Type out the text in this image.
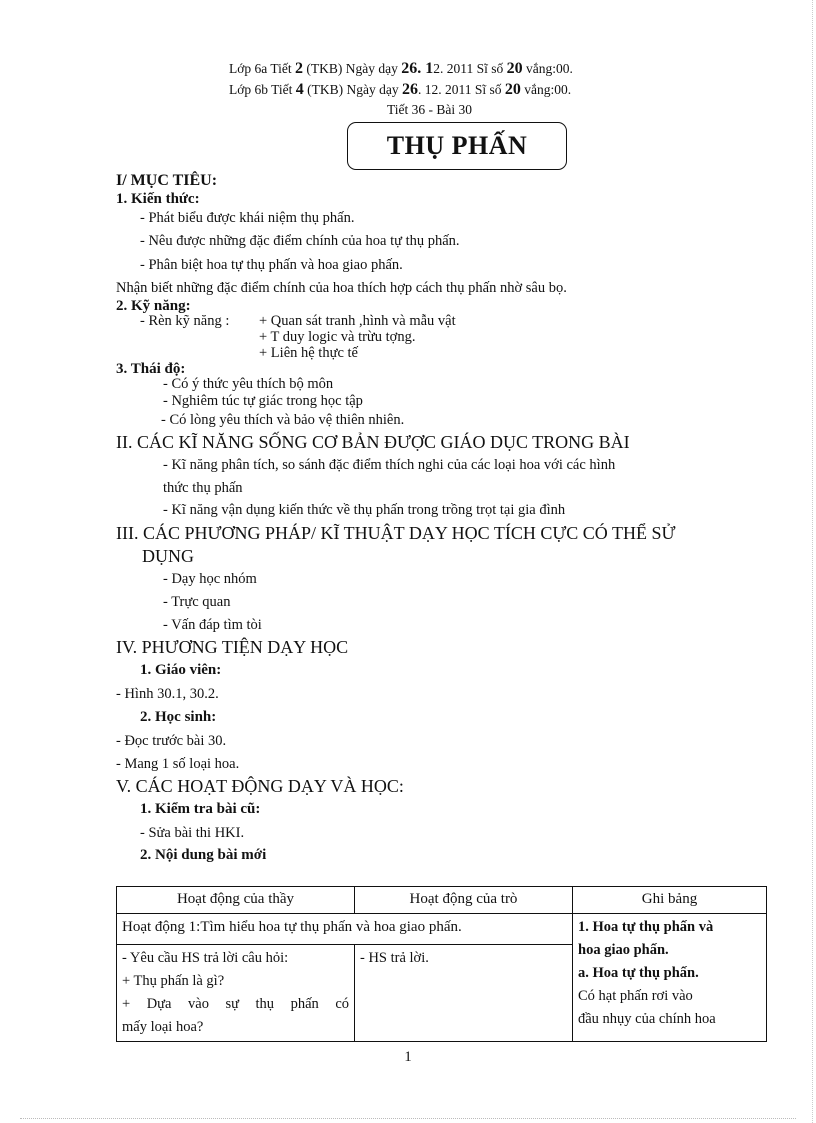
Lớp 6a Tiết 2 (TKB) Ngày dạy 26. 12. 2011 Sĩ số 20 vắng:00.
Lớp 6b Tiết 4 (TKB) Ngày dạy 26. 12. 2011 Sĩ số 20 vắng:00.
Tiết 36 - Bài 30
THỤ PHẤN
I/ MỤC TIÊU:
1. Kiến thức:
- Phát biểu được khái niệm thụ phấn.
- Nêu được những đặc điểm chính của hoa tự thụ phấn.
- Phân biệt hoa tự thụ phấn và hoa giao phấn.
Nhận biết những đặc điểm chính của hoa thích hợp cách thụ phấn nhờ sâu bọ.
2. Kỹ năng:
- Rèn kỹ năng : + Quan sát tranh ,hình và mẫu vật
+ T duy logic và trừu tợng.
+ Liên hệ thực tế
3. Thái độ:
- Có ý thức yêu thích bộ môn
- Nghiêm túc tự giác trong học tập
- Có lòng yêu thích và bảo vệ thiên nhiên.
II. CÁC KĨ NĂNG SỐNG CƠ BẢN ĐƯỢC GIÁO DỤC TRONG BÀI
- Kĩ năng phân tích, so sánh đặc điểm thích nghi của các loại hoa với các hình
thức thụ phấn
- Kĩ năng vận dụng kiến thức về thụ phấn trong trồng trọt tại gia đình
III. CÁC PHƯƠNG PHÁP/ KĨ THUẬT DẠY HỌC TÍCH CỰC CÓ THỂ SỬ
DỤNG
- Dạy học nhóm
- Trực quan
- Vấn đáp tìm tòi
IV. PHƯƠNG TIỆN DẠY HỌC
1. Giáo viên:
- Hình 30.1, 30.2.
2. Học sinh:
- Đọc trước bài 30.
- Mang 1 số loại hoa.
V. CÁC HOẠT ĐỘNG DẠY VÀ HỌC:
1. Kiểm tra bài cũ:
- Sửa bài thi HKI.
2. Nội dung bài mới
Hoạt động của thầy	Hoạt động của trò	Ghi bảng
Hoạt động 1:Tìm hiểu hoa tự thụ phấn và hoa giao phấn.		1. Hoa tự thụ phấn và
hoa giao phấn.
a. Hoa tự thụ phấn.
Có hạt phấn rơi vào
đầu nhụy của chính hoa

- Yêu cầu HS trả lời câu hỏi:
+ Thụ phấn là gì?
+ Dựa vào sự thụ phấn có
mấy loại hoa?	- HS trả lời.	
1
